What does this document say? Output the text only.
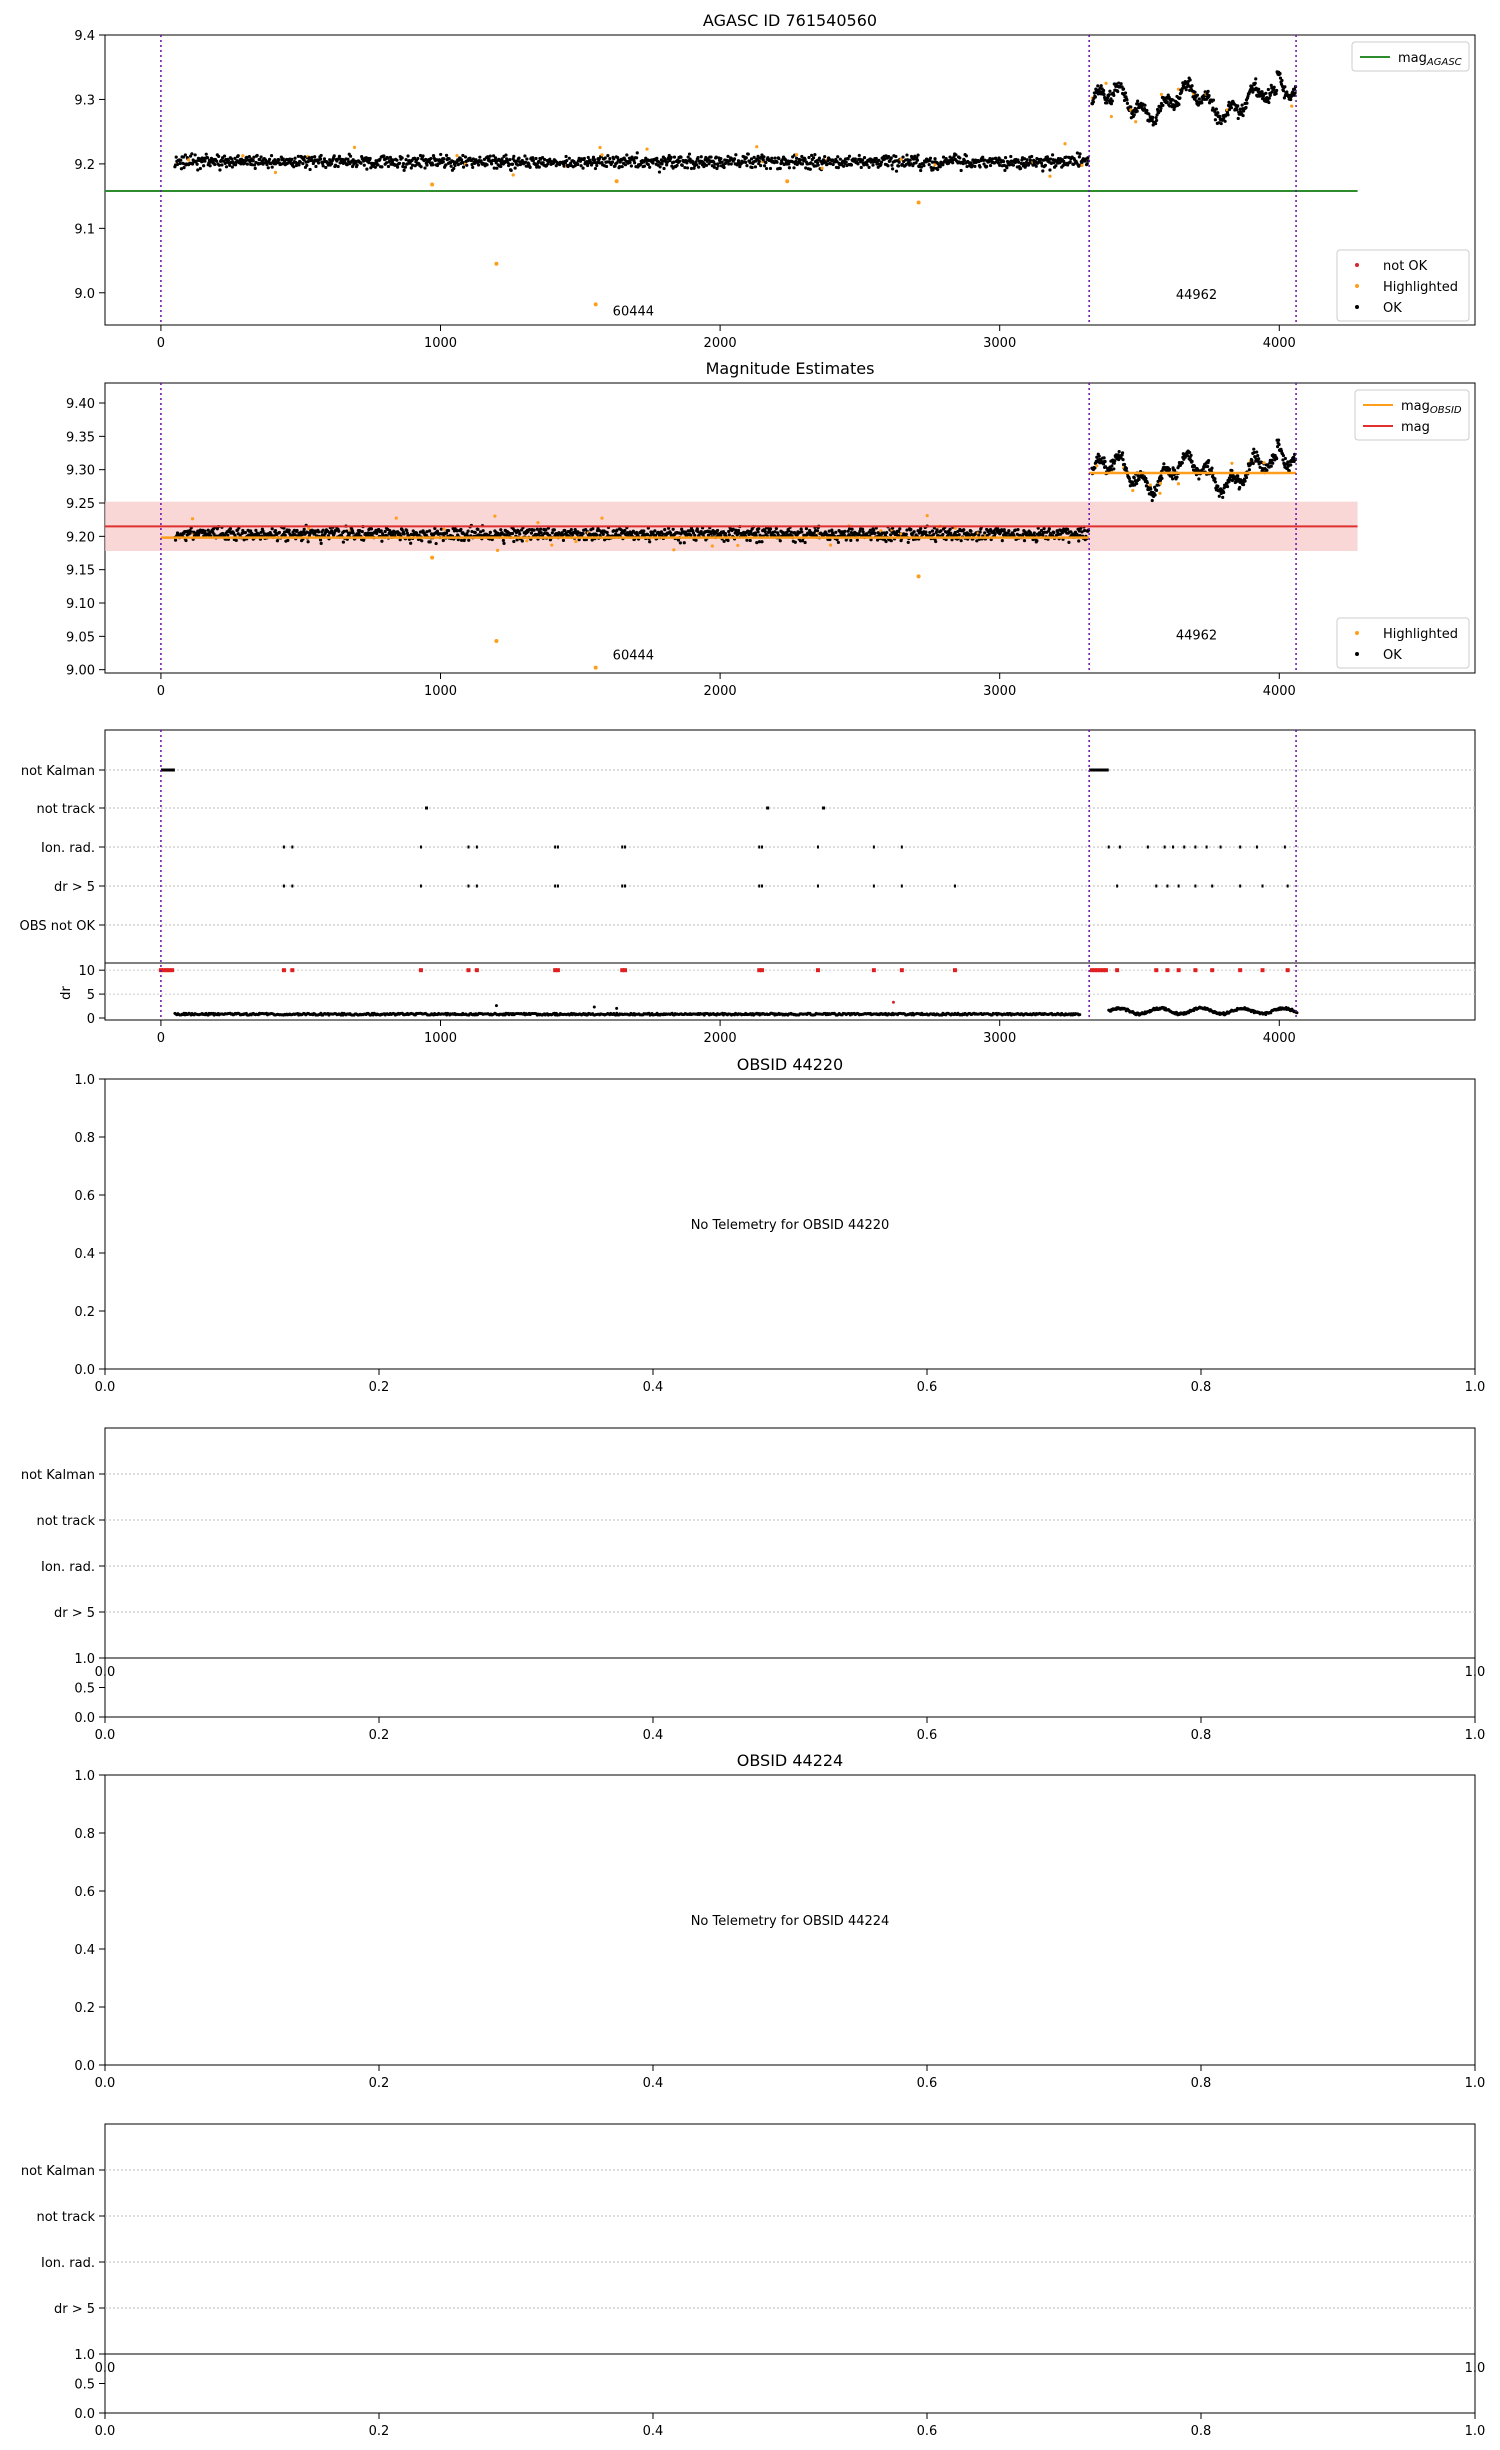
AGASC ID 761540560
60444
44962
0	1000	2000	3000	4000
9.0
9.1
9.2
9.3
9.4
mag$_{AGASC}$
not OK
Highlighted
OK
Magnitude Estimates
60444
44962
0	1000	2000	3000	4000
9.00
9.05
9.10
9.15
9.20
9.25
9.30
9.35
9.40	mag$_{OBSID}$
mag
Highlighted
OK
not Kalman
not track
Ion. rad.
dr > 5
OBS not OK
0
5
10
dr
0	1000	2000	3000	4000
OBSID 44220
No Telemetry for OBSID 44220
0.0
0.2
0.4
0.6
0.8
1.0
0.0	0.2	0.4	0.6	0.8	1.0
not Kalman
not track
Ion. rad.
dr > 5
0.0
0.5
1.0
0.0	1.0
0.0	0.2	0.4	0.6	0.8	1.0
OBSID 44224
No Telemetry for OBSID 44224
0.0
0.2
0.4
0.6
0.8
1.0
0.0	0.2	0.4	0.6	0.8	1.0
not Kalman
not track
Ion. rad.
dr > 5
0.0
0.5
1.0
0.0	1.0
0.0	0.2	0.4	0.6	0.8	1.0
